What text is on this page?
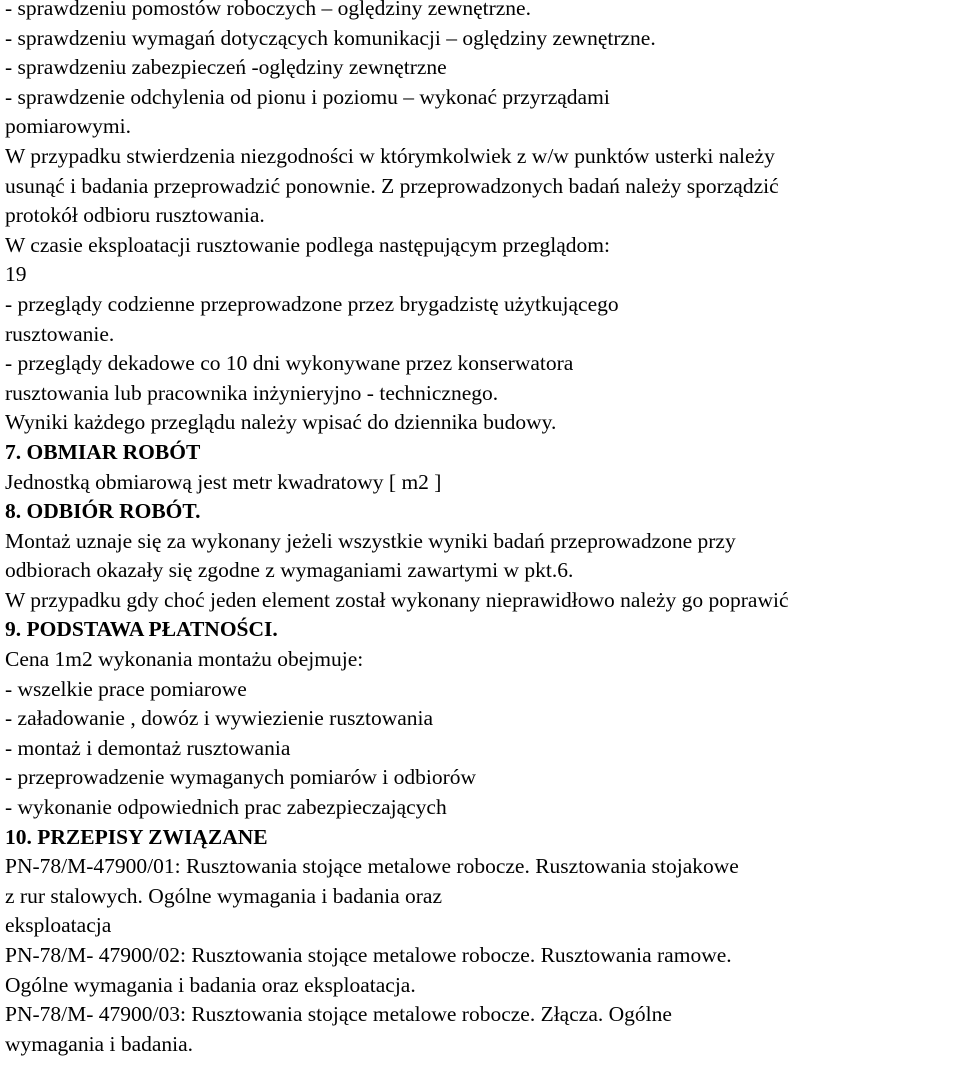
- sprawdzeniu pomostów roboczych – oględziny zewnętrzne.
- sprawdzeniu wymagań dotyczących komunikacji – oględziny zewnętrzne.
- sprawdzeniu zabezpieczeń -oględziny zewnętrzne
- sprawdzenie odchylenia od pionu i poziomu – wykonać przyrządami
pomiarowymi.
W przypadku stwierdzenia niezgodności w którymkolwiek z w/w punktów usterki należy
usunąć i badania przeprowadzić ponownie. Z przeprowadzonych badań należy sporządzić
protokół odbioru rusztowania.
W czasie eksploatacji rusztowanie podlega następującym przeglądom:
19
- przeglądy codzienne przeprowadzone przez brygadzistę użytkującego
rusztowanie.
- przeglądy dekadowe co 10 dni wykonywane przez konserwatora
rusztowania lub pracownika inżynieryjno - technicznego.
Wyniki każdego przeglądu należy wpisać do dziennika budowy.
7. OBMIAR ROBÓT
Jednostką obmiarową jest metr kwadratowy [ m2 ]
8. ODBIÓR ROBÓT.
Montaż uznaje się za wykonany jeżeli wszystkie wyniki badań przeprowadzone przy
odbiorach okazały się zgodne z wymaganiami zawartymi w pkt.6.
W przypadku gdy choć jeden element został wykonany nieprawidłowo należy go poprawić
9. PODSTAWA PŁATNOŚCI.
Cena 1m2 wykonania montażu obejmuje:
- wszelkie prace pomiarowe
- załadowanie , dowóz i wywiezienie rusztowania
- montaż i demontaż rusztowania
- przeprowadzenie wymaganych pomiarów i odbiorów
- wykonanie odpowiednich prac zabezpieczających
10. PRZEPISY ZWIĄZANE
PN-78/M-47900/01: Rusztowania stojące metalowe robocze. Rusztowania stojakowe
z rur stalowych. Ogólne wymagania i badania oraz
eksploatacja
PN-78/M- 47900/02: Rusztowania stojące metalowe robocze. Rusztowania ramowe.
Ogólne wymagania i badania oraz eksploatacja.
PN-78/M- 47900/03: Rusztowania stojące metalowe robocze. Złącza. Ogólne
wymagania i badania.
